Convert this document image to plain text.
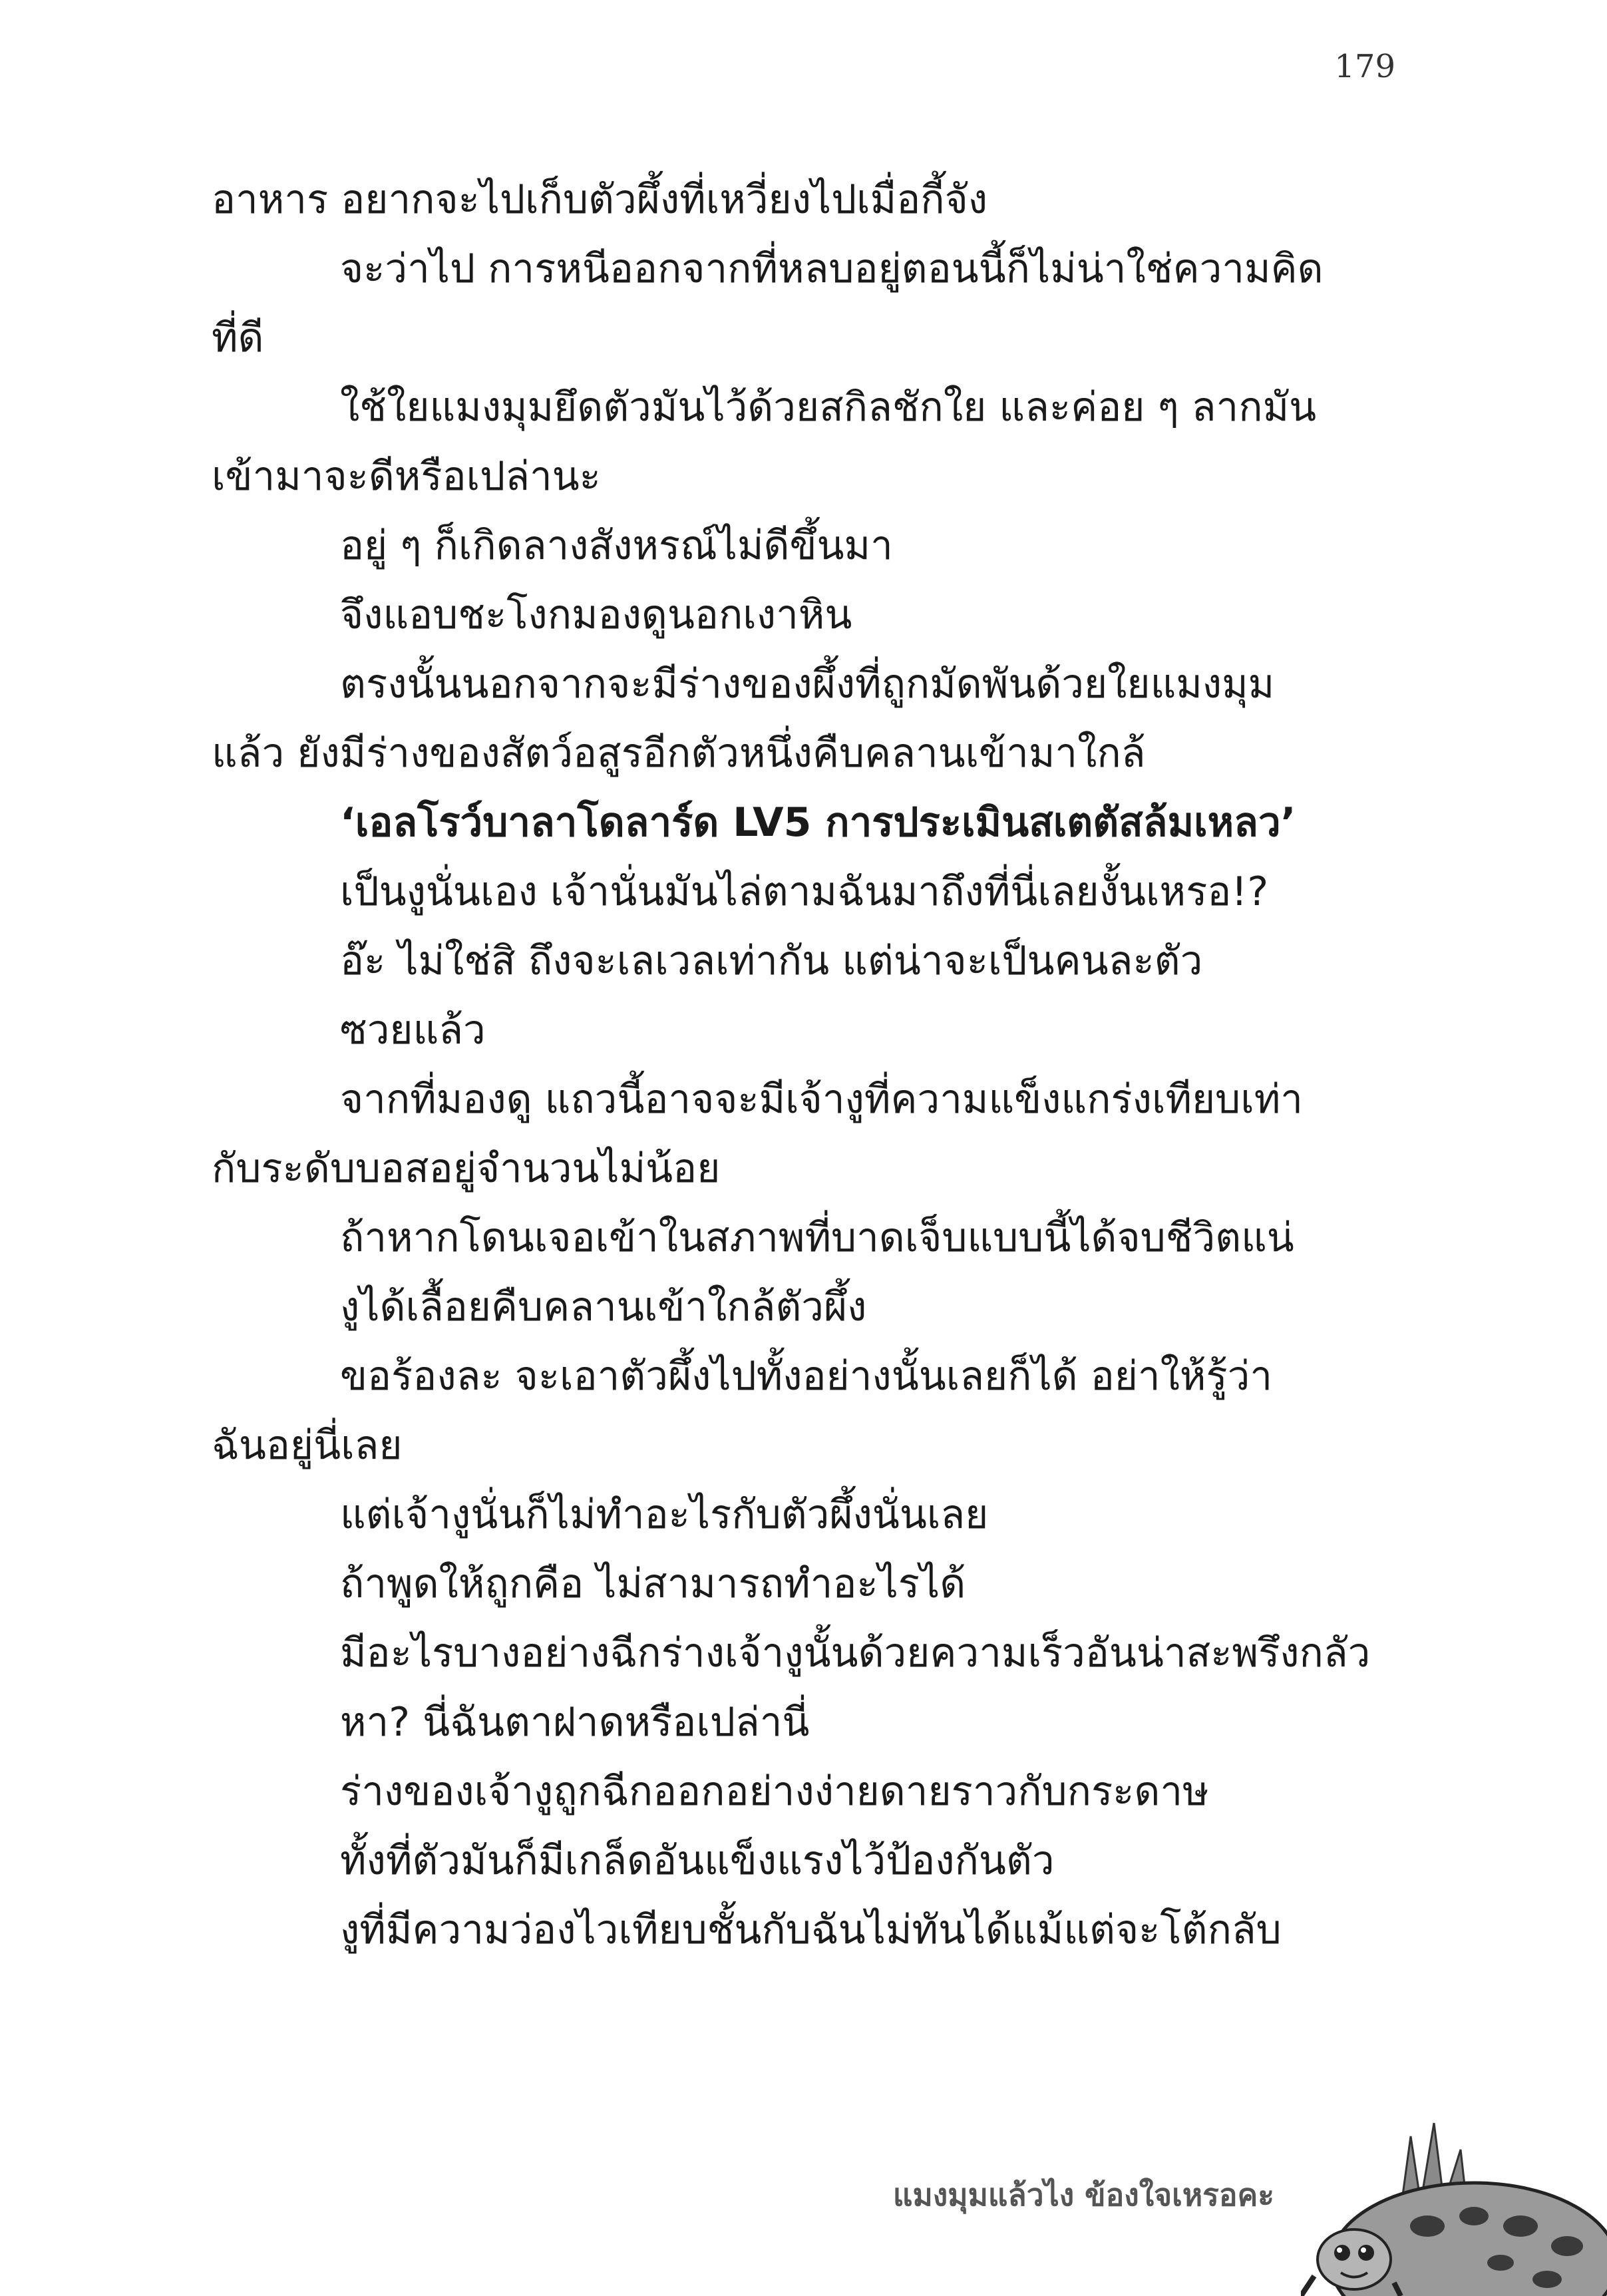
179

อาหาร อยากจะไปเก็บตัวผึ้งที่เหวี่ยงไปเมื่อกี้จัง

จะว่าไป การหนีออกจากที่หลบอยู่ตอนนี้ก็ไม่น่าใช่ความคิด

ที่ดี

ใช้ใยแมงมุมยึดตัวมันไว้ด้วยสกิลชักใย และค่อย ๆ ลากมัน

เข้ามาจะดีหรือเปล่านะ

อยู่ ๆ ก็เกิดลางสังหรณ์ไม่ดีขึ้นมา

จึงแอบชะโงกมองดูนอกเงาหิน

ตรงนั้นนอกจากจะมีร่างของผึ้งที่ถูกมัดพันด้วยใยแมงมุม

แล้ว ยังมีร่างของสัตว์อสูรอีกตัวหนึ่งคืบคลานเข้ามาใกล้

‘เอลโรว์บาลาโดลาร์ด LV5 การประเมินสเตตัสล้มเหลว’

เป็นงูนั่นเอง เจ้านั่นมันไล่ตามฉันมาถึงที่นี่เลยงั้นเหรอ!?

อ๊ะ ไม่ใช่สิ ถึงจะเลเวลเท่ากัน แต่น่าจะเป็นคนละตัว

ซวยแล้ว

จากที่มองดู แถวนี้อาจจะมีเจ้างูที่ความแข็งแกร่งเทียบเท่า

กับระดับบอสอยู่จำนวนไม่น้อย

ถ้าหากโดนเจอเข้าในสภาพที่บาดเจ็บแบบนี้ได้จบชีวิตแน่

งูได้เลื้อยคืบคลานเข้าใกล้ตัวผึ้ง

ขอร้องละ จะเอาตัวผึ้งไปทั้งอย่างนั้นเลยก็ได้ อย่าให้รู้ว่า

ฉันอยู่นี่เลย

แต่เจ้างูนั่นก็ไม่ทำอะไรกับตัวผึ้งนั่นเลย

ถ้าพูดให้ถูกคือ ไม่สามารถทำอะไรได้

มีอะไรบางอย่างฉีกร่างเจ้างูนั้นด้วยความเร็วอันน่าสะพรึงกลัว

หา? นี่ฉันตาฝาดหรือเปล่านี่

ร่างของเจ้างูถูกฉีกออกอย่างง่ายดายราวกับกระดาษ

ทั้งที่ตัวมันก็มีเกล็ดอันแข็งแรงไว้ป้องกันตัว

งูที่มีความว่องไวเทียบชั้นกับฉันไม่ทันได้แม้แต่จะโต้กลับ

แมงมุมแล้วไง ข้องใจเหรอคะ
